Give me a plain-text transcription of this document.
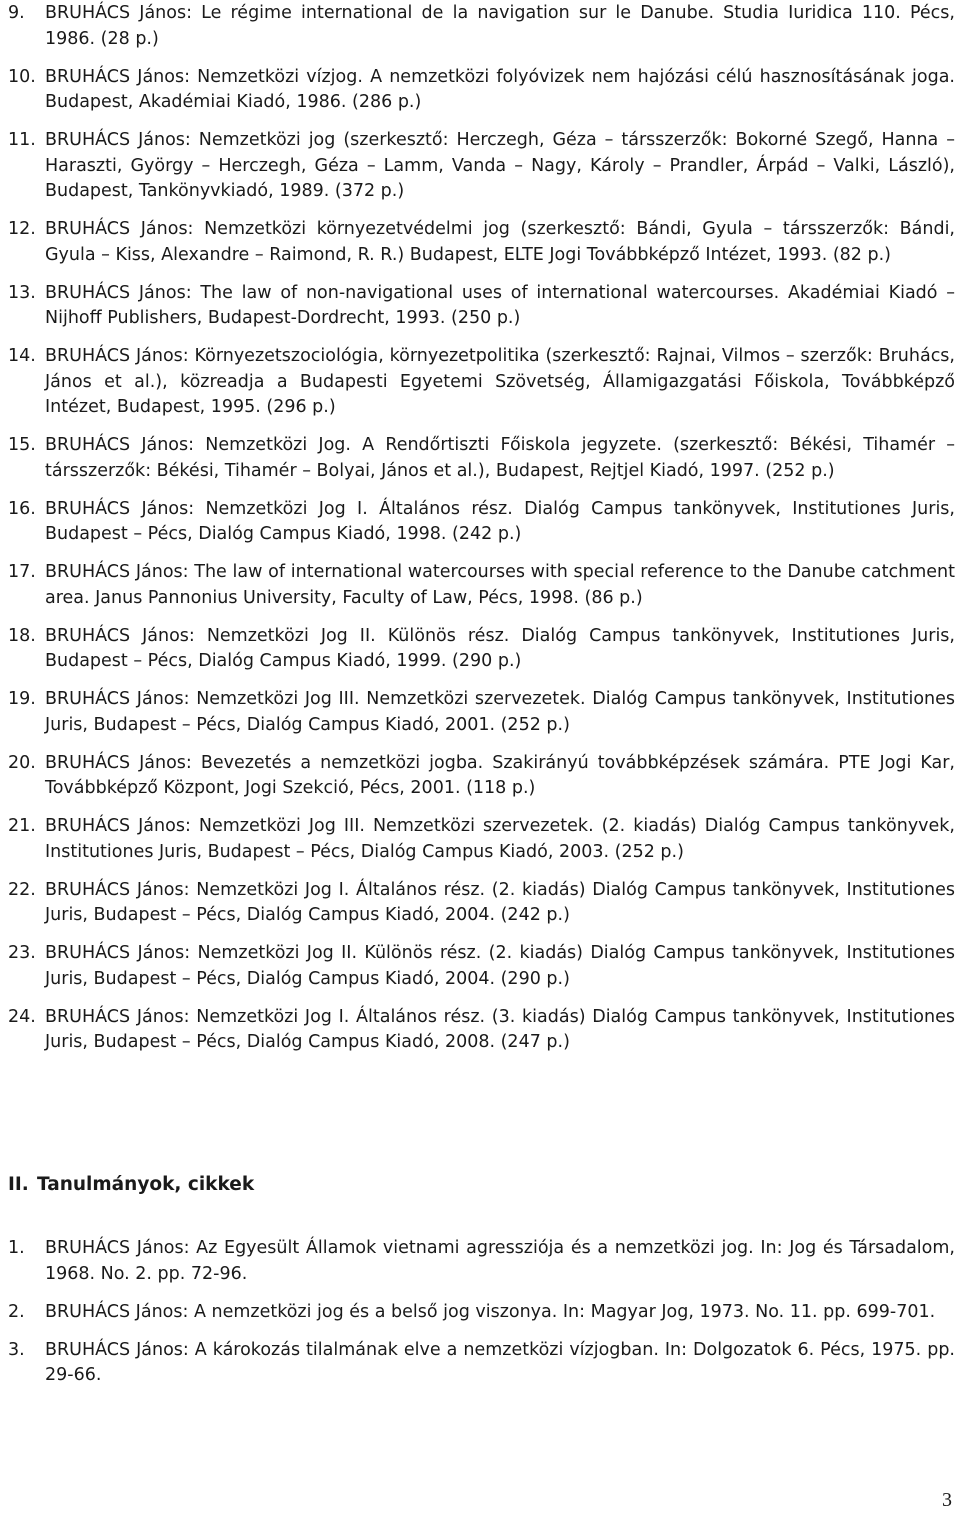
9.	BRUHÁCS János: Le régime international de la navigation sur le Danube. Studia Iuridica 110. Pécs, 1986. (28 p.)
10. BRUHÁCS János: Nemzetközi vízjog. A nemzetközi folyóvizek nem hajózási célú hasznosításának joga. Budapest, Akadémiai Kiadó, 1986. (286 p.)
11. BRUHÁCS János: Nemzetközi jog (szerkesztő: Herczegh, Géza – társszerzők: Bokorné Szegő, Hanna – Haraszti, György – Herczegh, Géza – Lamm, Vanda – Nagy, Károly – Prandler, Árpád – Valki, László), Budapest, Tankönyvkiadó, 1989. (372 p.)
12. BRUHÁCS János: Nemzetközi környezetvédelmi jog (szerkesztő: Bándi, Gyula – társszerzők: Bándi, Gyula – Kiss, Alexandre – Raimond, R. R.) Budapest, ELTE Jogi Továbbképző Intézet, 1993. (82 p.)
13. BRUHÁCS János: The law of non-navigational uses of international watercourses. Akadémiai Kiadó – Nijhoff Publishers, Budapest-Dordrecht, 1993. (250 p.)
14. BRUHÁCS János: Környezetszociológia, környezetpolitika (szerkesztő: Rajnai, Vilmos – szerzők: Bruhács, János et al.), közreadja a Budapesti Egyetemi Szövetség, Államigazgatási Főiskola, Továbbképző Intézet, Budapest, 1995. (296 p.)
15. BRUHÁCS János: Nemzetközi Jog. A Rendőrtiszti Főiskola jegyzete. (szerkesztő: Békési, Tihamér – társszerzők: Békési, Tihamér – Bolyai, János et al.), Budapest, Rejtjel Kiadó, 1997. (252 p.)
16. BRUHÁCS János: Nemzetközi Jog I. Általános rész. Dialóg Campus tankönyvek, Institutiones Juris, Budapest – Pécs, Dialóg Campus Kiadó, 1998. (242 p.)
17. BRUHÁCS János: The law of international watercourses with special reference to the Danube catchment area. Janus Pannonius University, Faculty of Law, Pécs, 1998. (86 p.)
18. BRUHÁCS János: Nemzetközi Jog II. Különös rész. Dialóg Campus tankönyvek, Institutiones Juris, Budapest – Pécs, Dialóg Campus Kiadó, 1999. (290 p.)
19. BRUHÁCS János: Nemzetközi Jog III. Nemzetközi szervezetek. Dialóg Campus tankönyvek, Institutiones Juris, Budapest – Pécs, Dialóg Campus Kiadó, 2001. (252 p.)
20. BRUHÁCS János: Bevezetés a nemzetközi jogba. Szakirányú továbbképzések számára. PTE Jogi Kar, Továbbképző Központ, Jogi Szekció, Pécs, 2001. (118 p.)
21. BRUHÁCS János: Nemzetközi Jog III. Nemzetközi szervezetek. (2. kiadás) Dialóg Campus tankönyvek, Institutiones Juris, Budapest – Pécs, Dialóg Campus Kiadó, 2003. (252 p.)
22. BRUHÁCS János: Nemzetközi Jog I. Általános rész. (2. kiadás) Dialóg Campus tankönyvek, Institutiones Juris, Budapest – Pécs, Dialóg Campus Kiadó, 2004. (242 p.)
23. BRUHÁCS János: Nemzetközi Jog II. Különös rész. (2. kiadás) Dialóg Campus tankönyvek, Institutiones Juris, Budapest – Pécs, Dialóg Campus Kiadó, 2004. (290 p.)
24. BRUHÁCS János: Nemzetközi Jog I. Általános rész. (3. kiadás) Dialóg Campus tankönyvek, Institutiones Juris, Budapest – Pécs, Dialóg Campus Kiadó, 2008. (247 p.)
II. Tanulmányok, cikkek
1.	BRUHÁCS János: Az Egyesült Államok vietnami agressziója és a nemzetközi jog. In: Jog és Társadalom, 1968. No. 2. pp. 72-96.
2.	BRUHÁCS János: A nemzetközi jog és a belső jog viszonya. In: Magyar Jog, 1973. No. 11. pp. 699-701.
3.	BRUHÁCS János: A károkozás tilalmának elve a nemzetközi vízjogban. In: Dolgozatok 6. Pécs, 1975. pp. 29-66.
3
